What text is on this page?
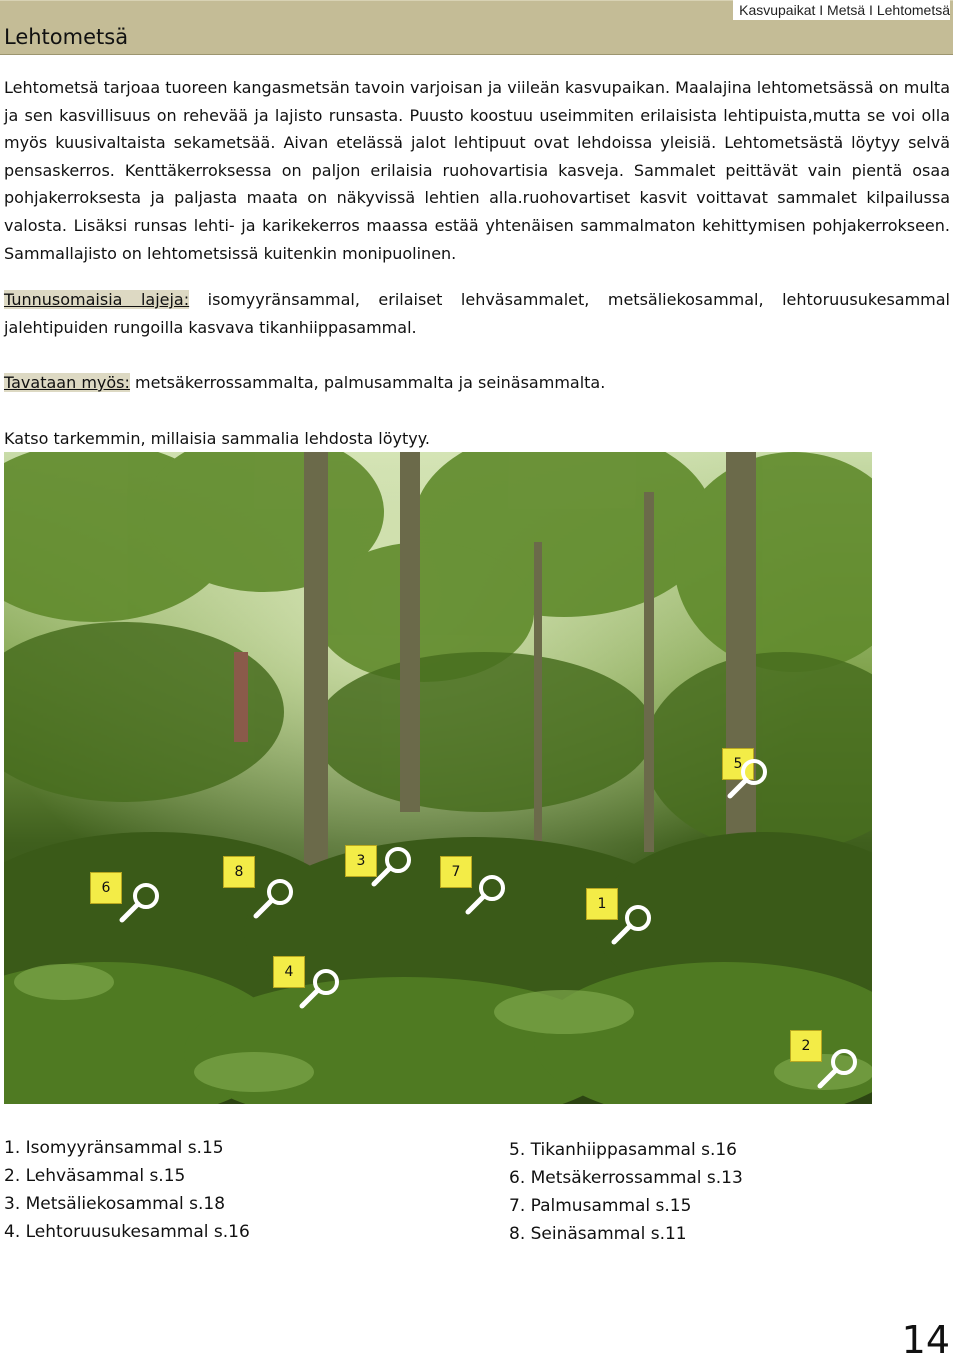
Lehtometsä
Kasvupaikat I Metsä I Lehtometsä
Lehtometsä tarjoaa tuoreen kangasmetsän tavoin varjoisan ja viileän kasvupaikan. Maalajina lehtometsässä on multa ja sen kasvillisuus on rehevää ja lajisto runsasta. Puusto koostuu useimmiten erilaisista lehtipuista,mutta se voi olla myös kuusivaltaista sekametsää. Aivan etelässä jalot lehtipuut ovat lehdoissa yleisiä. Lehtometsästä löytyy selvä pensaskerros. Kenttäkerroksessa on paljon erilaisia ruohovartisia kasveja. Sammalet peittävät vain pientä osaa pohjakerroksesta ja paljasta maata on näkyvissä lehtien alla.ruohovartiset kasvit voittavat sammalet kilpailussa valosta. Lisäksi runsas lehti- ja karikekerros maassa estää yhtenäisen sammalmaton kehittymisen pohjakerrokseen. Sammallajisto on lehtometsissä kuitenkin monipuolinen.
Tunnusomaisia lajeja: isomyyränsammal, erilaiset lehväsammalet, metsäliekosammal, lehtoruusukesammal jalehtipuiden rungoilla kasvava tikanhiippasammal.
Tavataan myös: metsäkerrossammalta, palmusammalta ja seinäsammalta.
Katso tarkemmin, millaisia sammalia lehdosta löytyy.
5
8
3
6
7
1
4
2
1. Isomyyränsammal s.15
2. Lehväsammal s.15
3. Metsäliekosammal s.18
4. Lehtoruusukesammal s.16
5. Tikanhiippasammal s.16
6. Metsäkerrossammal s.13
7. Palmusammal s.15
8. Seinäsammal s.11
14
